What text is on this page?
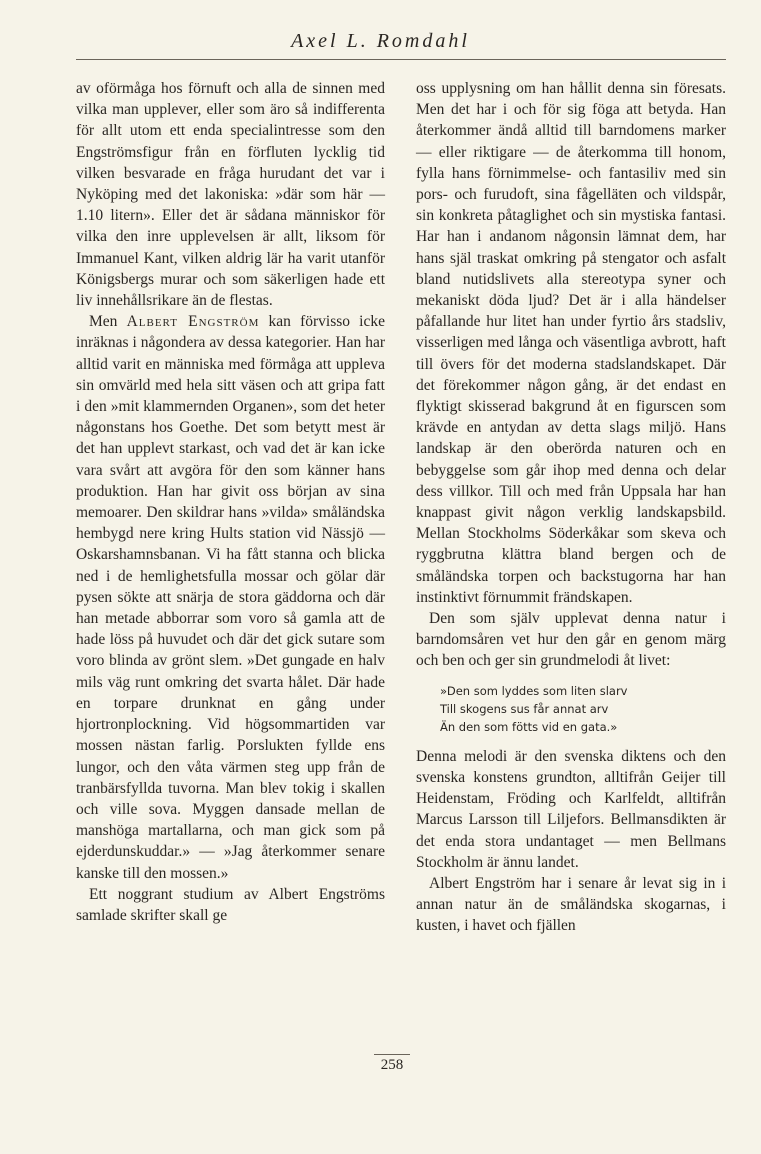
Axel L. Romdahl

av oförmåga hos förnuft och alla de sinnen med vilka man upplever, eller som äro så indifferenta för allt utom ett enda specialintresse som den Engströmsfigur från en förfluten lycklig tid vilken besvarade en fråga hurudant det var i Nyköping med det lakoniska: »där som här — 1.10 litern». Eller det är sådana människor för vilka den inre upplevelsen är allt, liksom för Immanuel Kant, vilken aldrig lär ha varit utanför Königsbergs murar och som säkerligen hade ett liv innehållsrikare än de flestas.

Men Albert Engström kan förvisso icke inräknas i någondera av dessa kategorier. Han har alltid varit en människa med förmåga att uppleva sin omvärld med hela sitt väsen och att gripa fatt i den »mit klammernden Organen», som det heter någonstans hos Goethe. Det som betytt mest är det han upplevt starkast, och vad det är kan icke vara svårt att avgöra för den som känner hans produktion. Han har givit oss början av sina memoarer. Den skildrar hans »vilda» småländska hembygd nere kring Hults station vid Nässjö —Oskarshamnsbanan. Vi ha fått stanna och blicka ned i de hemlighetsfulla mossar och gölar där pysen sökte att snärja de stora gäddorna och där han metade abborrar som voro så gamla att de hade löss på huvudet och där det gick sutare som voro blinda av grönt slem. »Det gungade en halv mils väg runt omkring det svarta hålet. Där hade en torpare drunknat en gång under hjortronplockning. Vid högsommartiden var mossen nästan farlig. Porslukten fyllde ens lungor, och den våta värmen steg upp från de tranbärsfyllda tuvorna. Man blev tokig i skallen och ville sova. Myggen dansade mellan de manshöga martallarna, och man gick som på ejderdunskuddar.» — »Jag återkommer senare kanske till den mossen.»

Ett noggrant studium av Albert Engströms samlade skrifter skall ge

oss upplysning om han hållit denna sin föresats. Men det har i och för sig föga att betyda. Han återkommer ändå alltid till barndomens marker — eller riktigare — de återkomma till honom, fylla hans förnimmelse- och fantasiliv med sin pors- och furudoft, sina fågelläten och vildspår, sin konkreta påtaglighet och sin mystiska fantasi. Har han i andanom någonsin lämnat dem, har hans själ traskat omkring på stengator och asfalt bland nutidslivets alla stereotypa syner och mekaniskt döda ljud? Det är i alla händelser påfallande hur litet han under fyrtio års stadsliv, visserligen med långa och väsentliga avbrott, haft till övers för det moderna stadslandskapet. Där det förekommer någon gång, är det endast en flyktigt skisserad bakgrund åt en figurscen som krävde en antydan av detta slags miljö. Hans landskap är den oberörda naturen och en bebyggelse som går ihop med denna och delar dess villkor. Till och med från Uppsala har han knappast givit någon verklig landskapsbild. Mellan Stockholms Söderkåkar som skeva och ryggbrutna klättra bland bergen och de småländska torpen och backstugorna har han instinktivt förnummit frändskapen.

Den som själv upplevat denna natur i barndomsåren vet hur den går en genom märg och ben och ger sin grundmelodi åt livet:

»Den som lyddes som liten slarv
Till skogens sus får annat arv
Än den som fötts vid en gata.»

Denna melodi är den svenska diktens och den svenska konstens grundton, alltifrån Geijer till Heidenstam, Fröding och Karlfeldt, alltifrån Marcus Larsson till Liljefors. Bellmansdikten är det enda stora undantaget — men Bellmans Stockholm är ännu landet.

Albert Engström har i senare år levat sig in i annan natur än de småländska skogarnas, i kusten, i havet och fjällen

258
